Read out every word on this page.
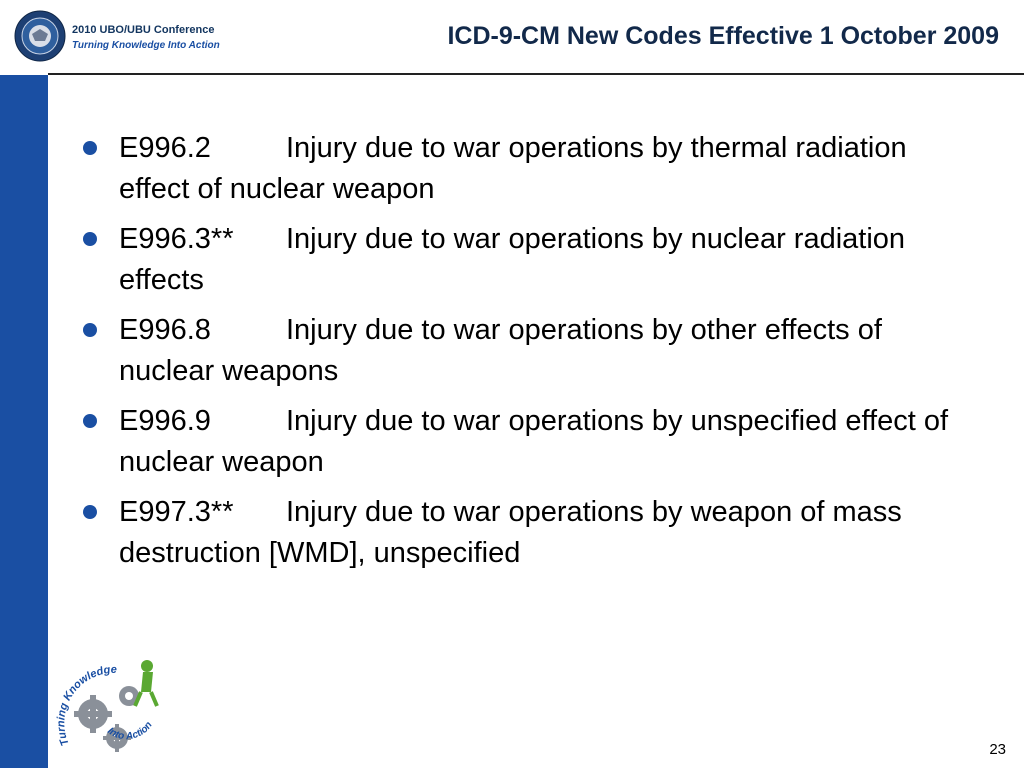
2010 UBO/UBU Conference
Turning Knowledge Into Action	ICD-9-CM New Codes Effective 1 October 2009
E996.2	Injury due to war operations by thermal radiation effect of nuclear weapon
E996.3** Injury due to war operations by nuclear radiation effects
E996.8	Injury due to war operations by other effects of nuclear weapons
E996.9	Injury due to war operations by unspecified effect of nuclear weapon
E997.3** Injury due to war operations by weapon of mass destruction [WMD], unspecified
Turning Knowledge
Into Action
23
